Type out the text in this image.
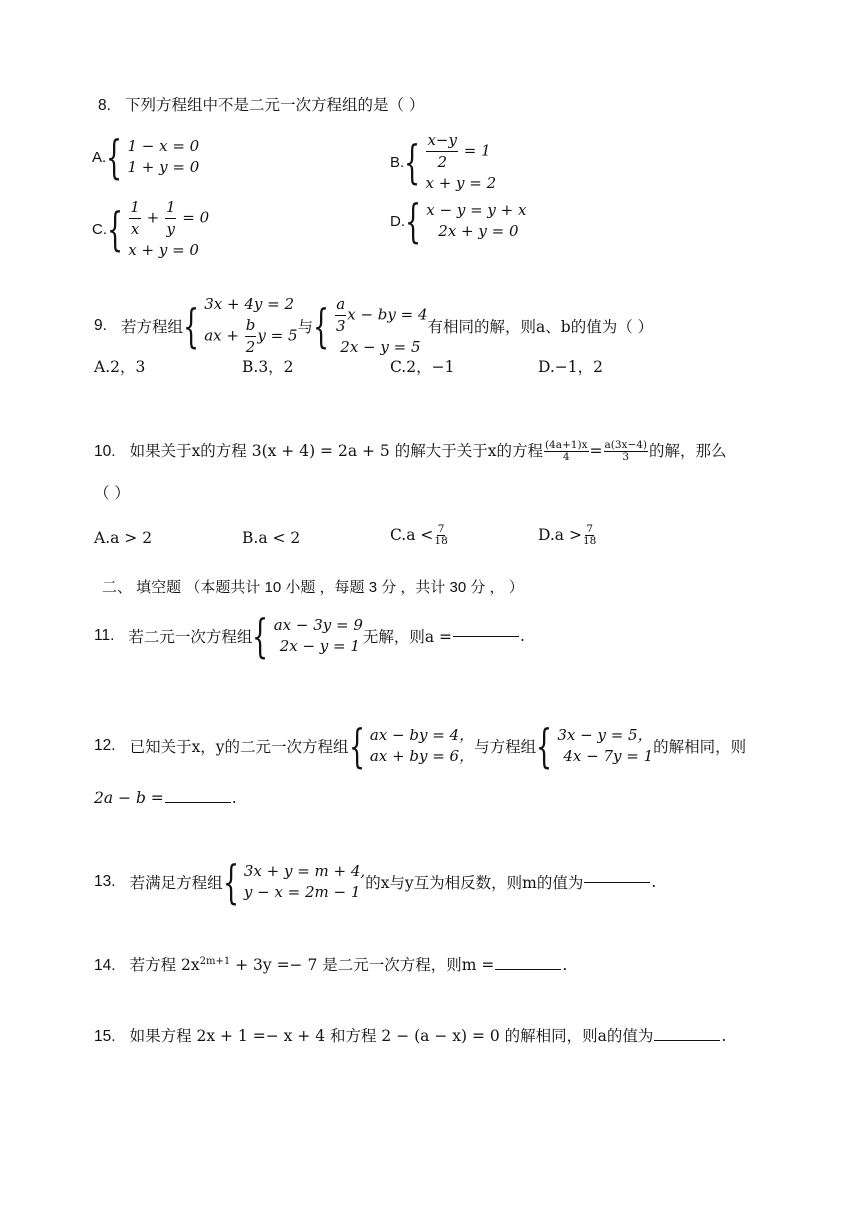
8. 下列方程组中不是二元一次方程组的是（ ）
A. { 1 − x = 0
1 + y = 0	B. { $\frac{x-y}{2} = 1$
x + y = 2
C. { $\frac{1}{x} + \frac{1}{y} = 0$
x + y = 0
D. { x − y = y + x
2x + y = 0
9. 若方程组 { 3x + 4y = 2
ax + $\frac{b}{2}$ y = 5 与 { $\frac{a}{3}$ x − by = 4
2x − y = 5
有相同的解，则a、b的值为（ ）
A.2，3	B.3，2	C.2，−1	D.−1，2
10. 如果关于x的方程 3(x + 4) = 2a + 5 的解大于关于x的方程 $\frac{(4a+1)x}{4} = \frac{a(3x-4)}{3}$ 的解，那么
（ ）
A.a > 2	B.a < 2	$C.a < \frac{7}{18}$	$D.a > \frac{7}{18}$
二、 填空题 （本题共计 10 小题 ，每题 3 分 ，共计 30 分 ， ）
11. 若二元一次方程组 { ax − 3y = 9
2x − y = 1 无解，则a =	.
12. 已知关于x，y的二元一次方程组 { ax − by = 4，
ax + by = 6， 与方程组 { 3x − y = 5，
4x − 7y = 1 的解相同，则
2a − b =	.
13. 若满足方程组 { 3x + y = m + 4,
y − x = 2m − 1 的x与y互为相反数，则m的值为	.
14. 若方程 $2x^{2m+1} + 3y =- 7$ 是二元一次方程，则m =	.
15. 如果方程 2x + 1 =− x + 4 和方程 2 − (a − x) = 0 的解相同，则a的值为	.
